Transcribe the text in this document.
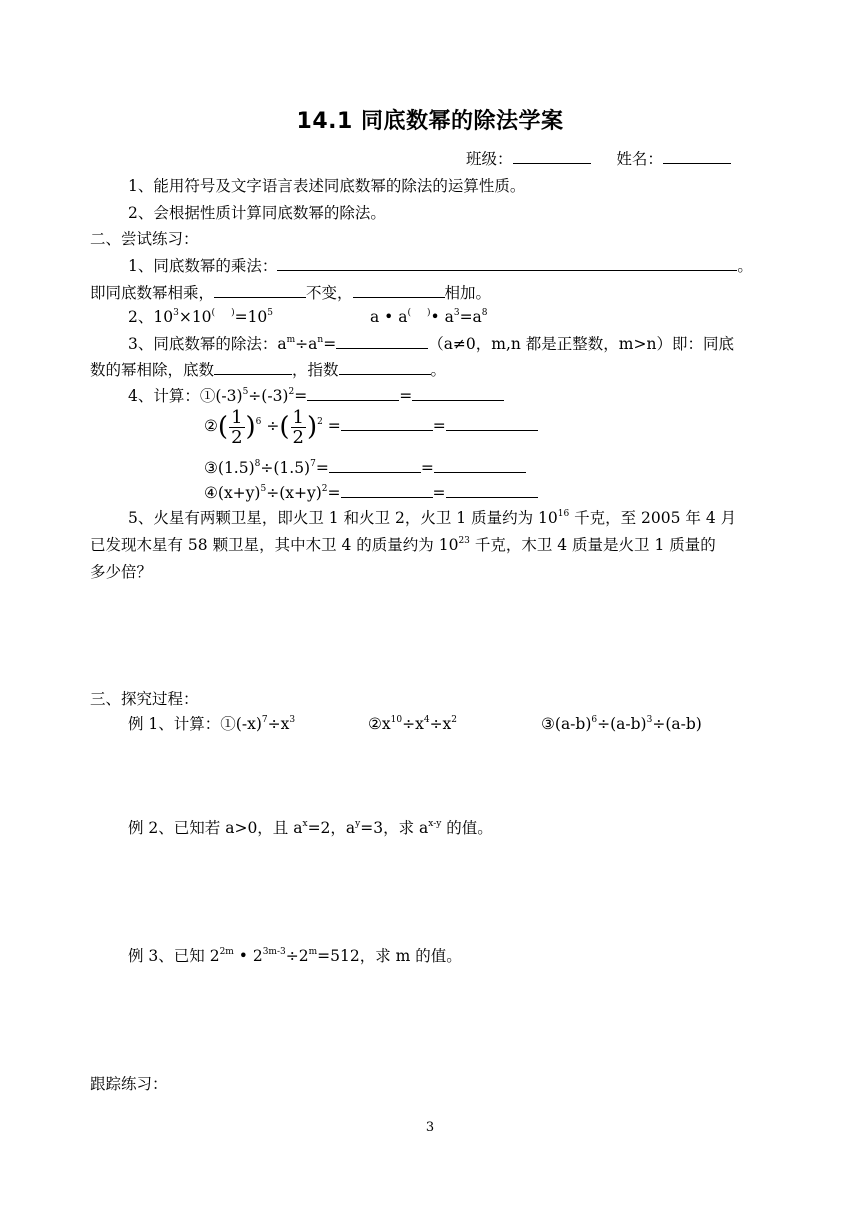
14.1 同底数幂的除法学案
班级：	姓名：
1、能用符号及文字语言表述同底数幂的除法的运算性质。
2、会根据性质计算同底数幂的除法。
二、尝试练习：
1、同底数幂的乘法：	。
即同底数幂相乘，	不变，	相加。
2、$10^3\times 10^($ $^)=10^5$	a • a( )• $a^3=a^8$
3、同底数幂的除法：$a^m\div a^n=$	（a≠0，m,n 都是正整数，m>n）即：同底
数的幂相除，底数	，指数	。
4、计算：$①(-3)^5\div(-3)^2=$	=
②( $\frac{1}{2} )^6$ ÷( $\frac{1}{2} )^2$ =	=
$③(1.5)^8\div(1.5)^7=$	=
$④(x+y)^5\div(x+y)^2=$	=
5、火星有两颗卫星，即火卫 1 和火卫 2，火卫 1 质量约为 $10^{16}$ 千克，至 2005 年 4 月
已发现木星有 58 颗卫星，其中木卫 4 的质量约为 $10^{23}$ 千克，木卫 4 质量是火卫 1 质量的
多少倍？
三、探究过程：
例 1、计算：$①(-x)^7\div x^3$	$②x^{10}\div x^4\div x^2$	$③(a-b)^6\div(a-b)^3\div(a-b)$
例 2、已知若 a>0，且 $a^x=2$，$a^y=3$，求 $a^{x-y}$ 的值。
例 3、已知 $2^{2m}$ • $2^{3m-3}\div 2^m=512$，求 m 的值。
跟踪练习：
3
